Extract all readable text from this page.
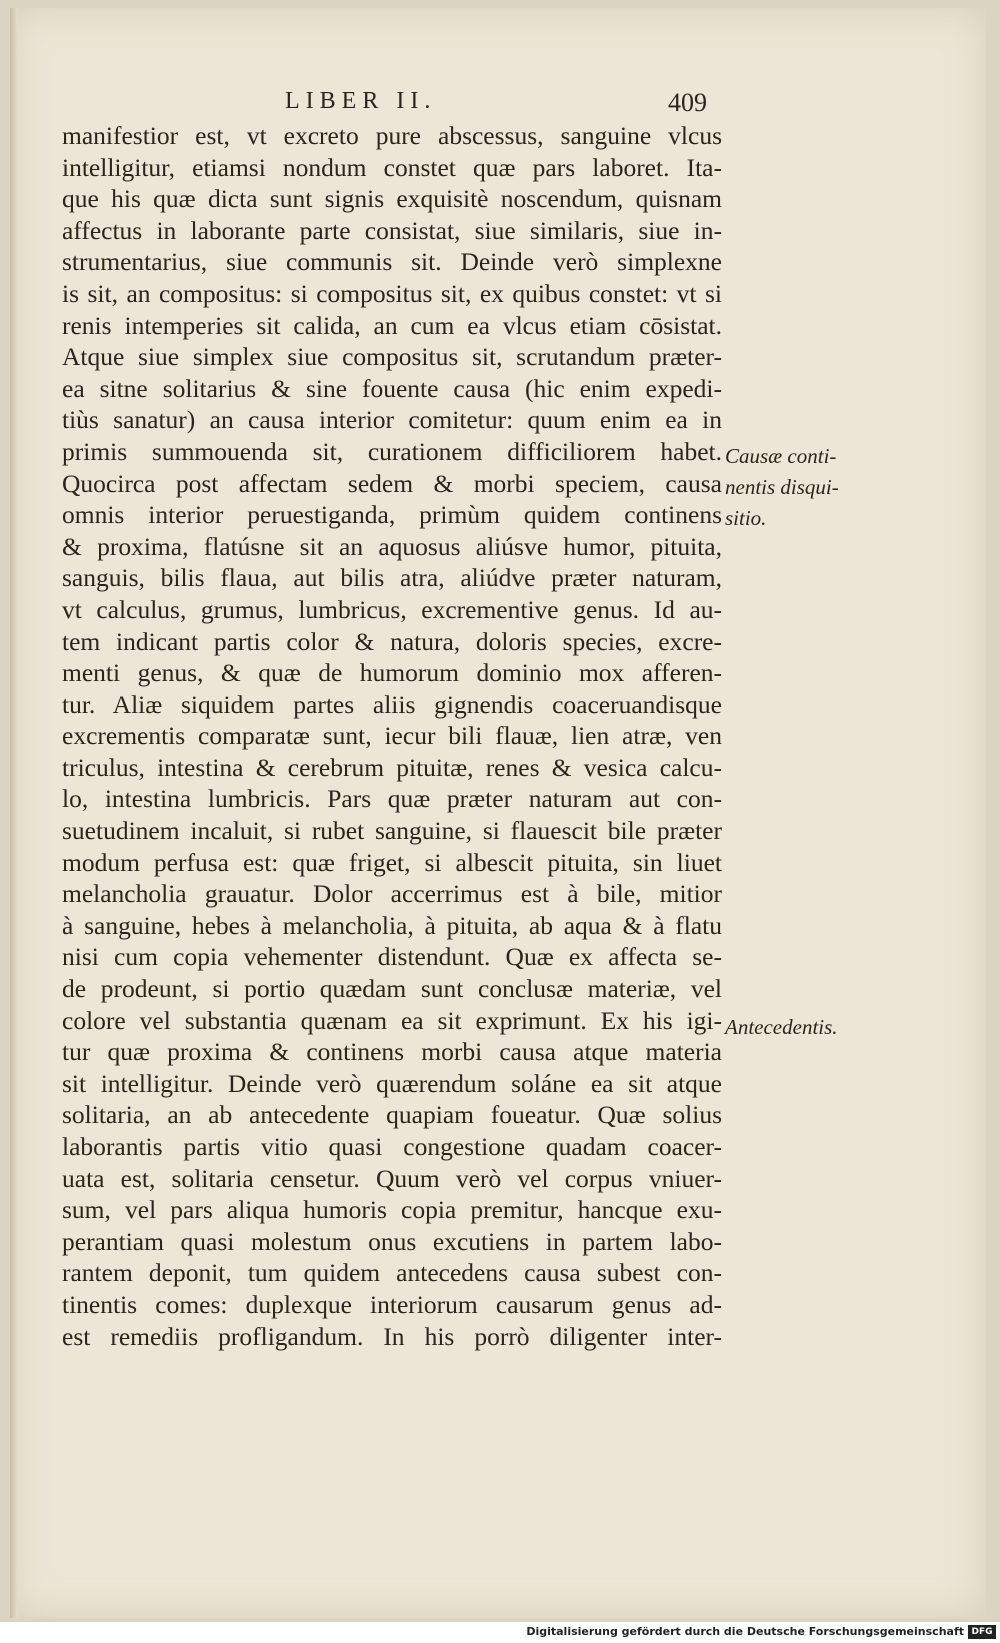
LIBER II.	409
manifestior est, vt excreto pure abscessus, sanguine vlcus
intelligitur, etiamsi nondum constet quæ pars laboret. Ita-
que his quæ dicta sunt signis exquisitè noscendum, quisnam
affectus in laborante parte consistat, siue similaris, siue in-
strumentarius, siue communis sit. Deinde verò simplexne
is sit, an compositus: si compositus sit, ex quibus constet: vt si
renis intemperies sit calida, an cum ea vlcus etiam cōsistat.
Atque siue simplex siue compositus sit, scrutandum præter-
ea sitne solitarius & sine fouente causa (hic enim expedi-
tiùs sanatur) an causa interior comitetur: quum enim ea in
primis summouenda sit, curationem difficiliorem habet.
Quocirca post affectam sedem & morbi speciem, causa
omnis interior peruestiganda, primùm quidem continens
& proxima, flatúsne sit an aquosus aliúsve humor, pituita,
sanguis, bilis flaua, aut bilis atra, aliúdve præter naturam,
vt calculus, grumus, lumbricus, excrementive genus. Id au-
tem indicant partis color & natura, doloris species, excre-
menti genus, & quæ de humorum dominio mox afferen-
tur. Aliæ siquidem partes aliis gignendis coaceruandisque
excrementis comparatæ sunt, iecur bili flauæ, lien atræ, ven
triculus, intestina & cerebrum pituitæ, renes & vesica calcu-
lo, intestina lumbricis. Pars quæ præter naturam aut con-
suetudinem incaluit, si rubet sanguine, si flauescit bile præter
modum perfusa est: quæ friget, si albescit pituita, sin liuet
melancholia grauatur. Dolor accerrimus est à bile, mitior
à sanguine, hebes à melancholia, à pituita, ab aqua & à flatu
nisi cum copia vehementer distendunt. Quæ ex affecta se-
de prodeunt, si portio quædam sunt conclusæ materiæ, vel
colore vel substantia quænam ea sit exprimunt. Ex his igi-
tur quæ proxima & continens morbi causa atque materia
sit intelligitur. Deinde verò quærendum soláne ea sit atque
solitaria, an ab antecedente quapiam foueatur. Quæ solius
laborantis partis vitio quasi congestione quadam coacer-
uata est, solitaria censetur. Quum verò vel corpus vniuer-
sum, vel pars aliqua humoris copia premitur, hancque exu-
perantiam quasi molestum onus excutiens in partem labo-
rantem deponit, tum quidem antecedens causa subest con-
tinentis comes: duplexque interiorum causarum genus ad-
est remediis profligandum. In his porrò diligenter inter-
Causæ conti-
nentis disqui-
sitio.
Antecedentis.
Digitalisierung gefördert durch die Deutsche Forschungsgemeinschaft DFG
